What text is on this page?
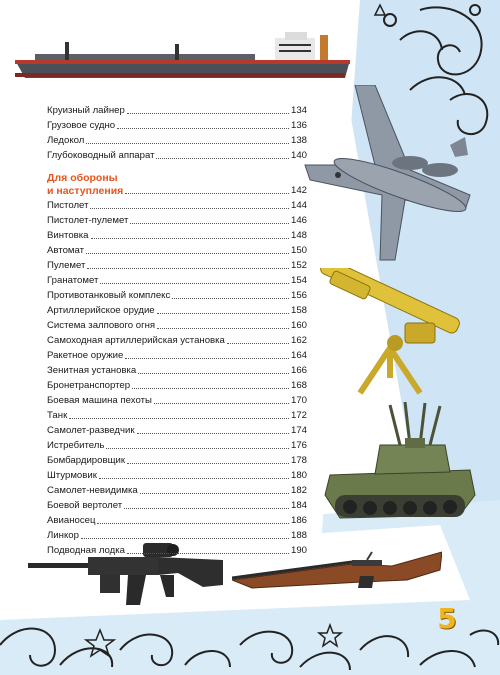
Круизный лайнер	134
Грузовое судно	136
Ледокол	138
Глубоководный аппарат	140
Для обороны
и наступления	142
Пистолет	144
Пистолет-пулемет	146
Винтовка	148
Автомат	150
Пулемет	152
Гранатомет	154
Противотанковый комплекс	156
Артиллерийское орудие	158
Система залпового огня	160
Самоходная артиллерийская установка	162
Ракетное оружие	164
Зенитная установка	166
Бронетранспортер	168
Боевая машина пехоты	170
Танк	172
Самолет-разведчик	174
Истребитель	176
Бомбардировщик	178
Штурмовик	180
Самолет-невидимка	182
Боевой вертолет	184
Авианосец	186
Линкор	188
Подводная лодка	190
5
